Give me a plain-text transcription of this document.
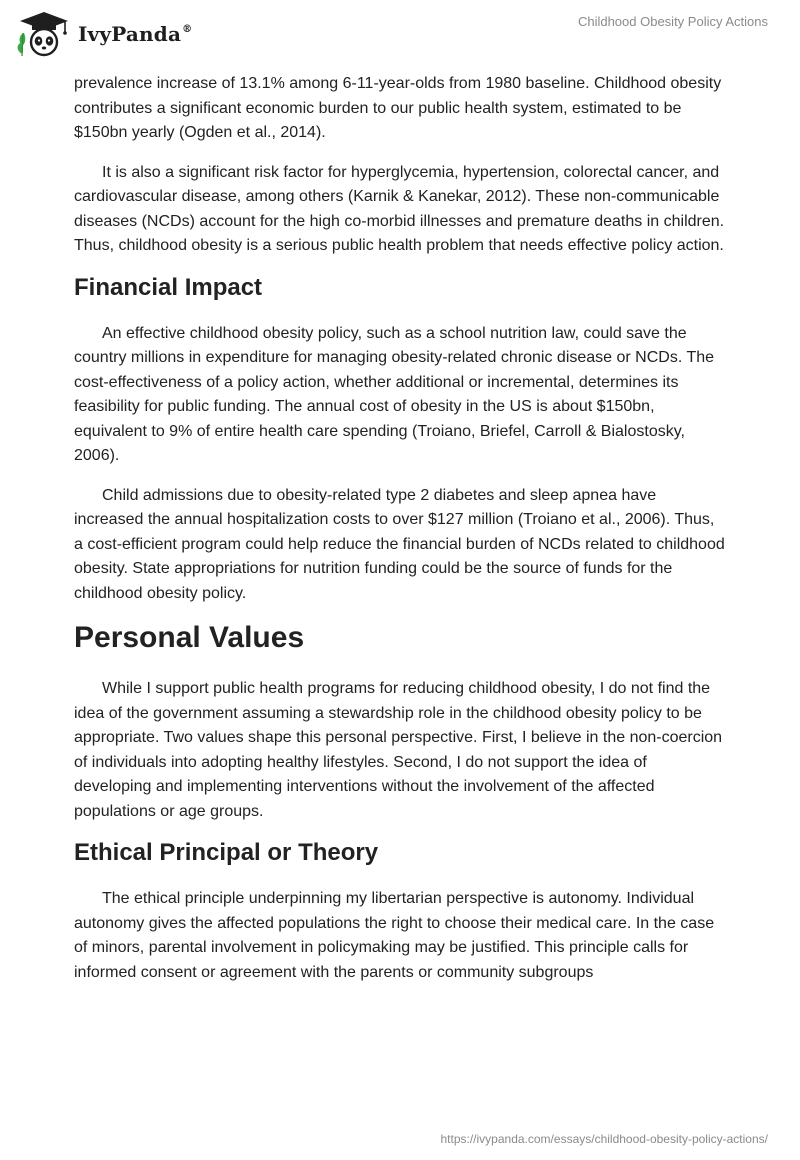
IvyPanda®
Childhood Obesity Policy Actions

prevalence increase of 13.1% among 6-11-year-olds from 1980 baseline. Childhood obesity contributes a significant economic burden to our public health system, estimated to be $150bn yearly (Ogden et al., 2014).

It is also a significant risk factor for hyperglycemia, hypertension, colorectal cancer, and cardiovascular disease, among others (Karnik & Kanekar, 2012). These non-communicable diseases (NCDs) account for the high co-morbid illnesses and premature deaths in children. Thus, childhood obesity is a serious public health problem that needs effective policy action.

Financial Impact

An effective childhood obesity policy, such as a school nutrition law, could save the country millions in expenditure for managing obesity-related chronic disease or NCDs. The cost-effectiveness of a policy action, whether additional or incremental, determines its feasibility for public funding. The annual cost of obesity in the US is about $150bn, equivalent to 9% of entire health care spending (Troiano, Briefel, Carroll & Bialostosky, 2006).

Child admissions due to obesity-related type 2 diabetes and sleep apnea have increased the annual hospitalization costs to over $127 million (Troiano et al., 2006). Thus, a cost-efficient program could help reduce the financial burden of NCDs related to childhood obesity. State appropriations for nutrition funding could be the source of funds for the childhood obesity policy.

Personal Values

While I support public health programs for reducing childhood obesity, I do not find the idea of the government assuming a stewardship role in the childhood obesity policy to be appropriate. Two values shape this personal perspective. First, I believe in the non-coercion of individuals into adopting healthy lifestyles. Second, I do not support the idea of developing and implementing interventions without the involvement of the affected populations or age groups.

Ethical Principal or Theory

The ethical principle underpinning my libertarian perspective is autonomy. Individual autonomy gives the affected populations the right to choose their medical care. In the case of minors, parental involvement in policymaking may be justified. This principle calls for informed consent or agreement with the parents or community subgroups

https://ivypanda.com/essays/childhood-obesity-policy-actions/
